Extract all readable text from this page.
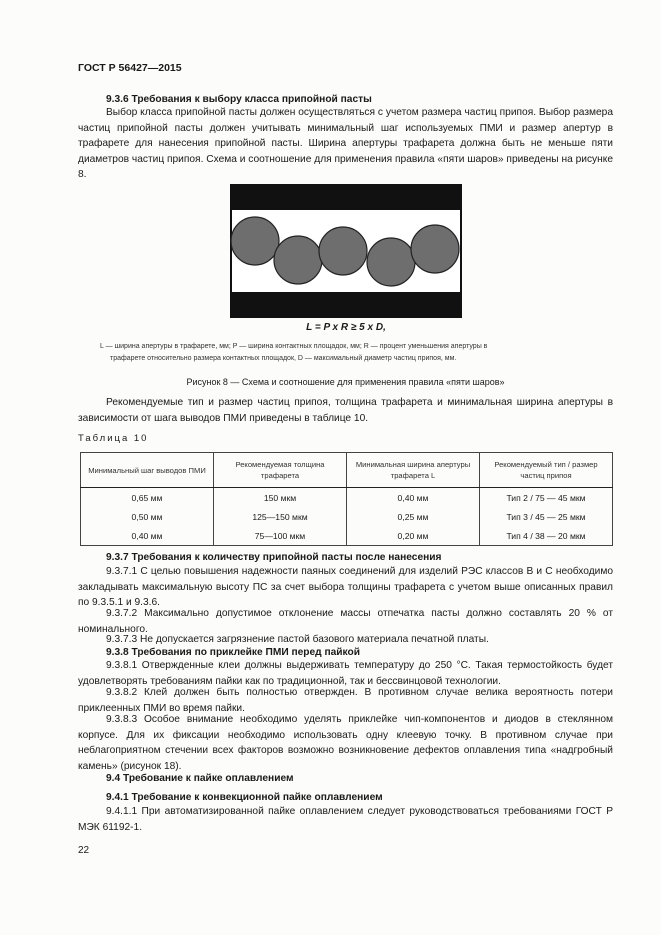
ГОСТ Р 56427—2015
9.3.6 Требования к выбору класса припойной пасты
Выбор класса припойной пасты должен осуществляться с учетом размера частиц припоя. Выбор размера частиц припойной пасты должен учитывать минимальный шаг используемых ПМИ и размер апертур в трафарете для нанесения припойной пасты. Ширина апертуры трафарета должна быть не меньше пяти диаметров частиц припоя. Схема и соотношение для применения правила «пяти шаров» приведены на рисунке 8.
L = P x R ≥ 5 x D,
L — ширина апертуры в трафарете, мм; P — ширина контактных площадок, мм; R — процент уменьшения апертуры в
трафарете относительно размера контактных площадок, D — максимальный диаметр частиц припоя, мм.
Рисунок 8 — Схема и соотношение для применения правила «пяти шаров»
Рекомендуемые тип и размер частиц припоя, толщина трафарета и минимальная ширина апертуры в зависимости от шага выводов ПМИ приведены в таблице 10.
Таблица 10
Минимальный шаг выводов ПМИ	Рекомендуемая толщина трафарета	Минимальная ширина апертуры трафарета L	Рекомендуемый тип / размер частиц припоя
0,65 мм	150 мкм	0,40 мм	Тип 2 / 75 — 45 мкм
0,50 мм	125—150 мкм	0,25 мм	Тип 3 / 45 — 25 мкм
0,40 мм	75—100 мкм	0,20 мм	Тип 4 / 38 — 20 мкм
9.3.7 Требования к количеству припойной пасты после нанесения
9.3.7.1 С целью повышения надежности паяных соединений для изделий РЭС классов В и С необходимо закладывать максимальную высоту ПС за счет выбора толщины трафарета с учетом выше описанных правил по 9.3.5.1 и 9.3.6.
9.3.7.2 Максимально допустимое отклонение массы отпечатка пасты должно составлять 20 % от номинального.
9.3.7.3 Не допускается загрязнение пастой базового материала печатной платы.
9.3.8 Требования по приклейке ПМИ перед пайкой
9.3.8.1 Отвержденные клеи должны выдерживать температуру до 250 °С. Такая термостойкость будет удовлетворять требованиям пайки как по традиционной, так и бессвинцовой технологии.
9.3.8.2 Клей должен быть полностью отвержден. В противном случае велика вероятность потери приклеенных ПМИ во время пайки.
9.3.8.3 Особое внимание необходимо уделять приклейке чип-компонентов и диодов в стеклянном корпусе. Для их фиксации необходимо использовать одну клеевую точку. В противном случае при неблагоприятном стечении всех факторов возможно возникновение дефектов оплавления типа «надгробный камень» (рисунок 18).
9.4 Требование к пайке оплавлением
9.4.1 Требование к конвекционной пайке оплавлением
9.4.1.1 При автоматизированной пайке оплавлением следует руководствоваться требованиями ГОСТ Р МЭК 61192-1.
22
